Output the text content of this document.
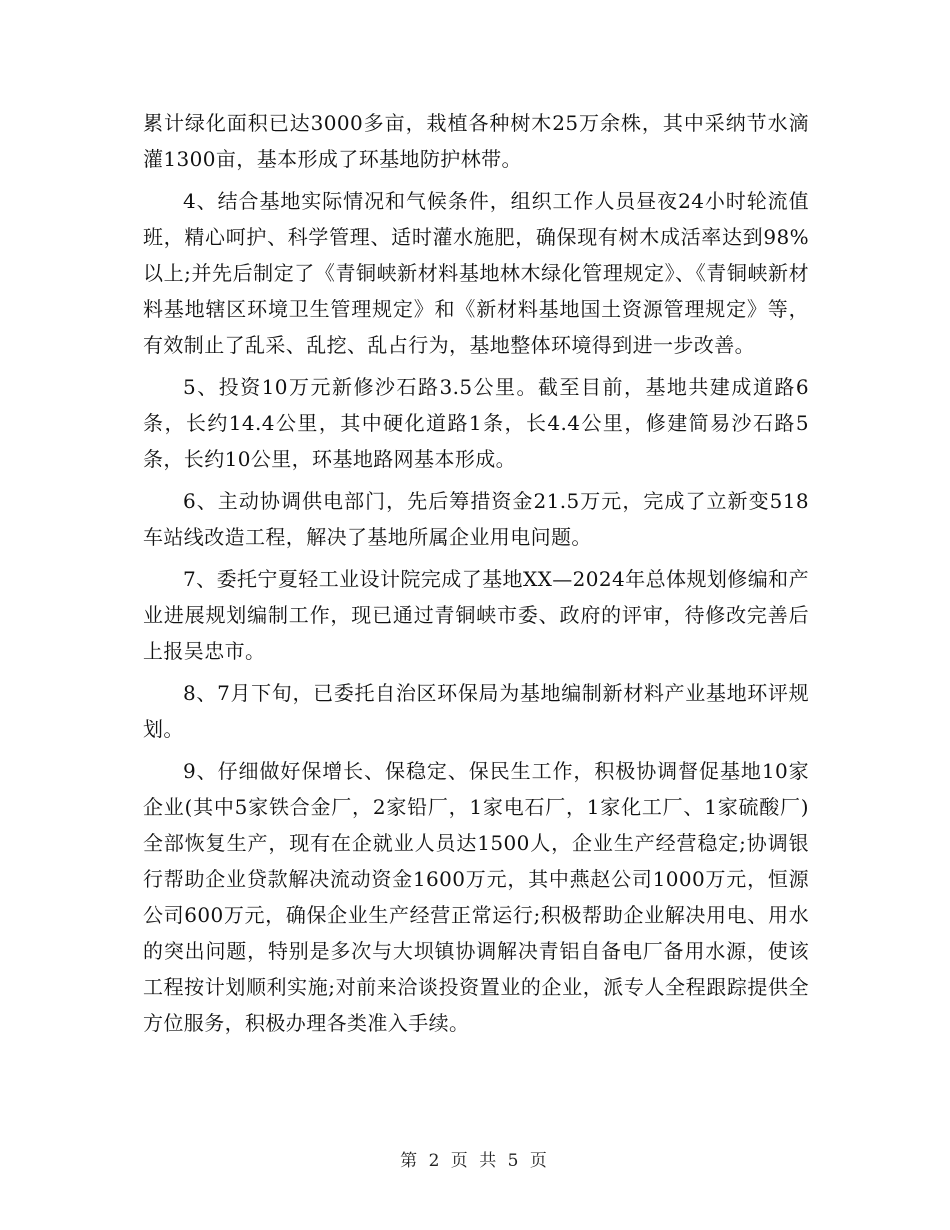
累计绿化面积已达3000多亩，栽植各种树木25万余株，其中采纳节水滴灌1300亩，基本形成了环基地防护林带。

4、结合基地实际情况和气候条件，组织工作人员昼夜24小时轮流值班，精心呵护、科学管理、适时灌水施肥，确保现有树木成活率达到98%以上;并先后制定了《青铜峡新材料基地林木绿化管理规定》、《青铜峡新材料基地辖区环境卫生管理规定》和《新材料基地国土资源管理规定》等，有效制止了乱采、乱挖、乱占行为，基地整体环境得到进一步改善。

5、投资10万元新修沙石路3.5公里。截至目前，基地共建成道路6条，长约14.4公里，其中硬化道路1条，长4.4公里，修建简易沙石路5条，长约10公里，环基地路网基本形成。

6、主动协调供电部门，先后筹措资金21.5万元，完成了立新变518车站线改造工程，解决了基地所属企业用电问题。

7、委托宁夏轻工业设计院完成了基地XX—2024年总体规划修编和产业进展规划编制工作，现已通过青铜峡市委、政府的评审，待修改完善后上报吴忠市。

8、7月下旬，已委托自治区环保局为基地编制新材料产业基地环评规划。

9、仔细做好保增长、保稳定、保民生工作，积极协调督促基地10家企业(其中5家铁合金厂，2家铅厂，1家电石厂，1家化工厂、1家硫酸厂)全部恢复生产，现有在企就业人员达1500人，企业生产经营稳定;协调银行帮助企业贷款解决流动资金1600万元，其中燕赵公司1000万元，恒源公司600万元，确保企业生产经营正常运行;积极帮助企业解决用电、用水的突出问题，特别是多次与大坝镇协调解决青铝自备电厂备用水源，使该工程按计划顺利实施;对前来洽谈投资置业的企业，派专人全程跟踪提供全方位服务，积极办理各类准入手续。

第 2 页 共 5 页
